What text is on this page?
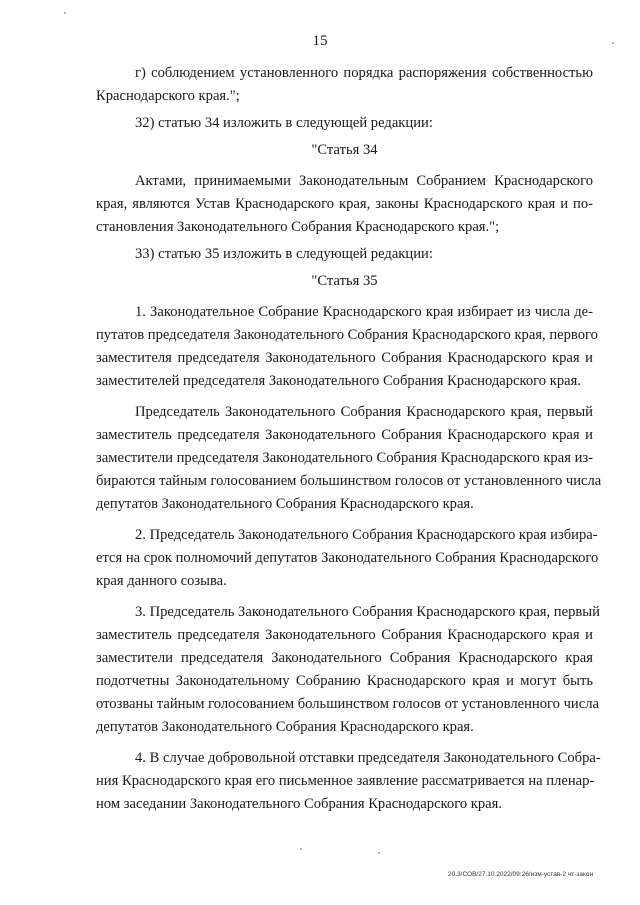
15
г) соблюдением установленного порядка распоряжения собственностью
Краснодарского края.";
32) статью 34 изложить в следующей редакции:
"Статья 34
Актами, принимаемыми Законодательным Собранием Краснодарского
края, являются Устав Краснодарского края, законы Краснодарского края и по-
становления Законодательного Собрания Краснодарского края.";
33) статью 35 изложить в следующей редакции:
"Статья 35
1. Законодательное Собрание Краснодарского края избирает из числа де-
путатов председателя Законодательного Собрания Краснодарского края, первого
заместителя председателя Законодательного Собрания Краснодарского края и
заместителей председателя Законодательного Собрания Краснодарского края.
Председатель Законодательного Собрания Краснодарского края, первый
заместитель председателя Законодательного Собрания Краснодарского края и
заместители председателя Законодательного Собрания Краснодарского края из-
бираются тайным голосованием большинством голосов от установленного числа
депутатов Законодательного Собрания Краснодарского края.
2. Председатель Законодательного Собрания Краснодарского края избира-
ется на срок полномочий депутатов Законодательного Собрания Краснодарского
края данного созыва.
3. Председатель Законодательного Собрания Краснодарского края, первый
заместитель председателя Законодательного Собрания Краснодарского края и
заместители председателя Законодательного Собрания Краснодарского края
подотчетны Законодательному Собранию Краснодарского края и могут быть
отозваны тайным голосованием большинством голосов от установленного числа
депутатов Законодательного Собрания Краснодарского края.
4. В случае добровольной отставки председателя Законодательного Собра-
ния Краснодарского края его письменное заявление рассматривается на пленар-
ном заседании Законодательного Собрания Краснодарского края.
20.3/СОВ/27.10.2022/09:26/изм-устав-2 чт-закон
